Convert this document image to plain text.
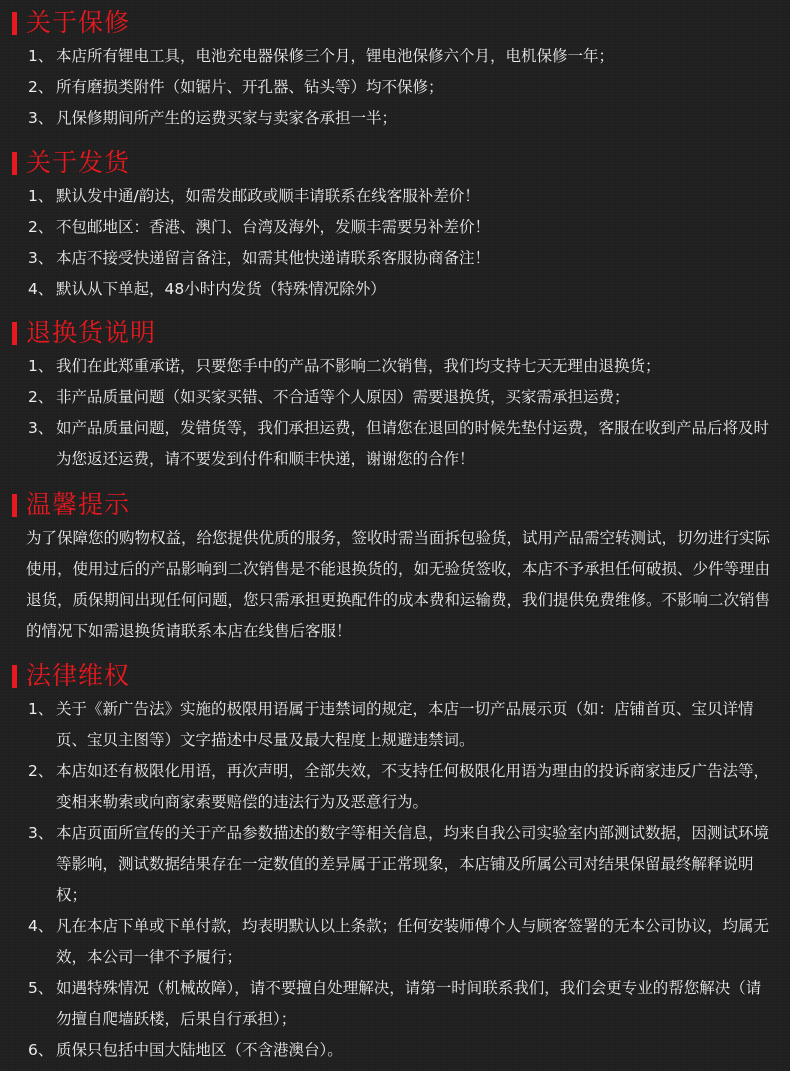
关于保修
1、 本店所有锂电工具，电池充电器保修三个月，锂电池保修六个月，电机保修一年；
2、 所有磨损类附件（如锯片、开孔器、钻头等）均不保修；
3、 凡保修期间所产生的运费买家与卖家各承担一半；
关于发货
1、 默认发中通/韵达，如需发邮政或顺丰请联系在线客服补差价！
2、 不包邮地区：香港、澳门、台湾及海外，发顺丰需要另补差价！
3、 本店不接受快递留言备注，如需其他快递请联系客服协商备注！
4、 默认从下单起，48小时内发货（特殊情况除外）
退换货说明
1、 我们在此郑重承诺，只要您手中的产品不影响二次销售，我们均支持七天无理由退换货；
2、 非产品质量问题（如买家买错、不合适等个人原因）需要退换货，买家需承担运费；
3、 如产品质量问题，发错货等，我们承担运费，但请您在退回的时候先垫付运费，客服在收到产品后将及时为您返还运费，请不要发到付件和顺丰快递，谢谢您的合作！
温馨提示
为了保障您的购物权益，给您提供优质的服务，签收时需当面拆包验货，试用产品需空转测试，切勿进行实际使用，使用过后的产品影响到二次销售是不能退换货的，如无验货签收，本店不予承担任何破损、少件等理由退货，质保期间出现任何问题，您只需承担更换配件的成本费和运输费，我们提供免费维修。不影响二次销售的情况下如需退换货请联系本店在线售后客服！
法律维权
1、 关于《新广告法》实施的极限用语属于违禁词的规定，本店一切产品展示页（如：店铺首页、宝贝详情页、宝贝主图等）文字描述中尽量及最大程度上规避违禁词。
2、 本店如还有极限化用语，再次声明，全部失效，不支持任何极限化用语为理由的投诉商家违反广告法等，变相来勒索或向商家索要赔偿的违法行为及恶意行为。
3、 本店页面所宣传的关于产品参数描述的数字等相关信息，均来自我公司实验室内部测试数据，因测试环境等影响，测试数据结果存在一定数值的差异属于正常现象，本店铺及所属公司对结果保留最终解释说明权；
4、 凡在本店下单或下单付款，均表明默认以上条款；任何安装师傅个人与顾客签署的无本公司协议，均属无效，本公司一律不予履行；
5、 如遇特殊情况（机械故障），请不要擅自处理解决，请第一时间联系我们，我们会更专业的帮您解决（请勿擅自爬墙跃楼，后果自行承担）；
6、 质保只包括中国大陆地区（不含港澳台）。
